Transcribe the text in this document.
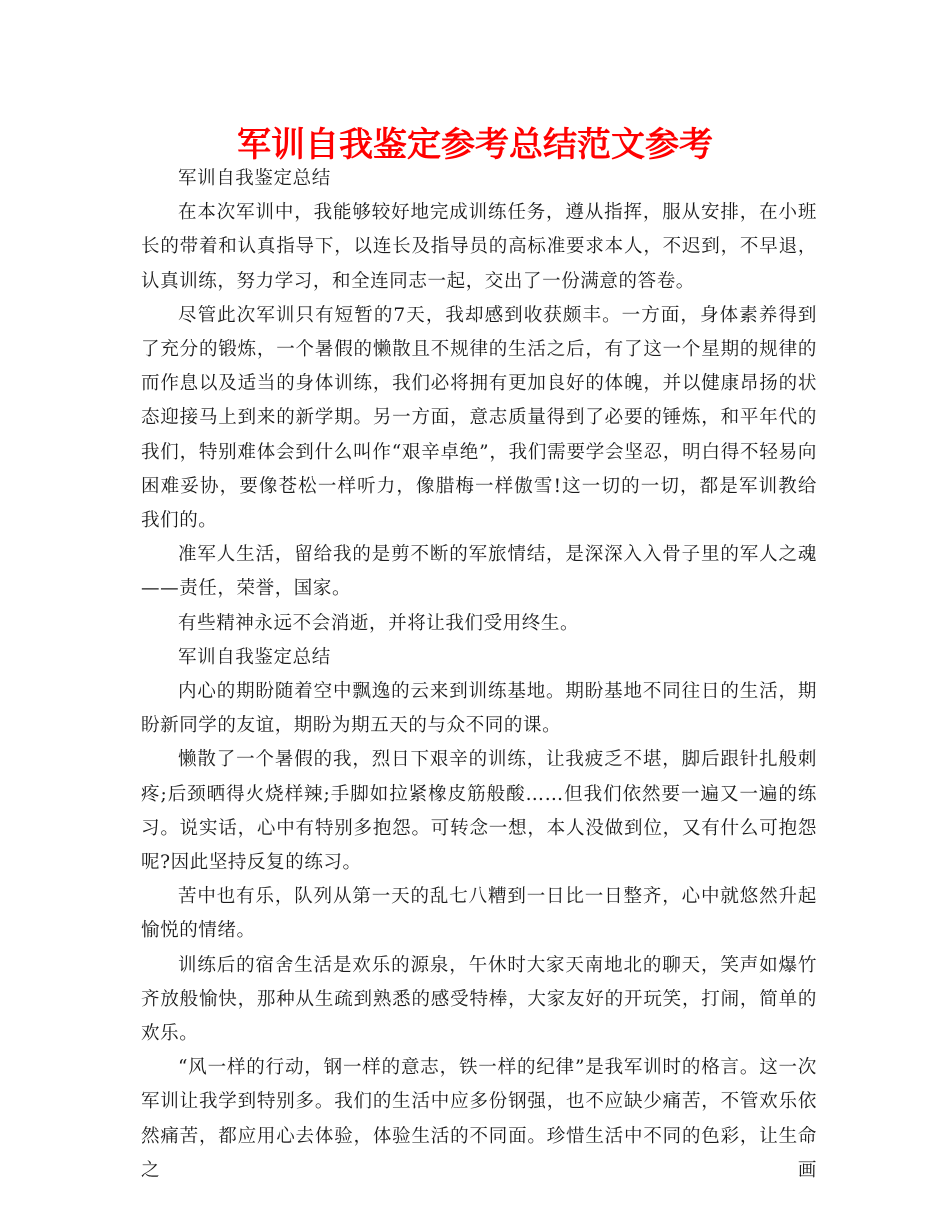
军训自我鉴定参考总结范文参考

军训自我鉴定总结

在本次军训中，我能够较好地完成训练任务，遵从指挥，服从安排，在小班长的带着和认真指导下，以连长及指导员的高标准要求本人，不迟到，不早退，认真训练，努力学习，和全连同志一起，交出了一份满意的答卷。

尽管此次军训只有短暂的7天，我却感到收获颇丰。一方面，身体素养得到了充分的锻炼，一个暑假的懒散且不规律的生活之后，有了这一个星期的规律的而作息以及适当的身体训练，我们必将拥有更加良好的体魄，并以健康昂扬的状态迎接马上到来的新学期。另一方面，意志质量得到了必要的锤炼，和平年代的我们，特别难体会到什么叫作“艰辛卓绝”，我们需要学会坚忍，明白得不轻易向困难妥协，要像苍松一样听力，像腊梅一样傲雪!这一切的一切，都是军训教给我们的。

准军人生活，留给我的是剪不断的军旅情结，是深深入入骨子里的军人之魂——责任，荣誉，国家。

有些精神永远不会消逝，并将让我们受用终生。

军训自我鉴定总结

内心的期盼随着空中飘逸的云来到训练基地。期盼基地不同往日的生活，期盼新同学的友谊，期盼为期五天的与众不同的课。

懒散了一个暑假的我，烈日下艰辛的训练，让我疲乏不堪，脚后跟针扎般刺疼;后颈晒得火烧样辣;手脚如拉紧橡皮筋般酸……但我们依然要一遍又一遍的练习。说实话，心中有特别多抱怨。可转念一想，本人没做到位，又有什么可抱怨呢?因此坚持反复的练习。

苦中也有乐，队列从第一天的乱七八糟到一日比一日整齐，心中就悠然升起愉悦的情绪。

训练后的宿舍生活是欢乐的源泉，午休时大家天南地北的聊天，笑声如爆竹齐放般愉快，那种从生疏到熟悉的感受特棒，大家友好的开玩笑，打闹，简单的欢乐。

“风一样的行动，钢一样的意志，铁一样的纪律”是我军训时的格言。这一次军训让我学到特别多。我们的生活中应多份钢强，也不应缺少痛苦，不管欢乐依然痛苦，都应用心去体验，体验生活的不同面。珍惜生活中不同的色彩，让生命之画
